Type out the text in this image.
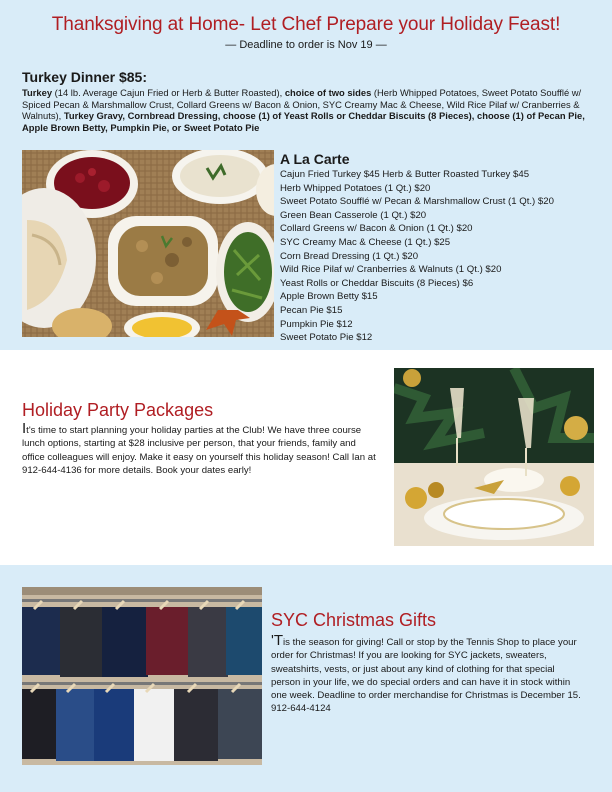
Thanksgiving at Home- Let Chef Prepare your Holiday Feast!
— Deadline to order is Nov 19 —
Turkey Dinner $85:
Turkey (14 lb. Average Cajun Fried or Herb & Butter Roasted), choice of two sides (Herb Whipped Potatoes, Sweet Potato Soufflé w/ Spiced Pecan & Marshmallow Crust, Collard Greens w/ Bacon & Onion, SYC Creamy Mac & Cheese, Wild Rice Pilaf w/ Cranberries & Walnuts), Turkey Gravy, Cornbread Dressing, choose (1) of Yeast Rolls or Cheddar Biscuits (8 Pieces), choose (1) of Pecan Pie, Apple Brown Betty, Pumpkin Pie, or Sweet Potato Pie
A La Carte
Cajun Fried Turkey $45 Herb & Butter Roasted Turkey $45
Herb Whipped Potatoes (1 Qt.) $20
Sweet Potato Soufflé w/ Pecan & Marshmallow Crust (1 Qt.) $20
Green Bean Casserole (1 Qt.) $20
Collard Greens w/ Bacon & Onion (1 Qt.) $20
SYC Creamy Mac & Cheese (1 Qt.) $25
Corn Bread Dressing (1 Qt.) $20
Wild Rice Pilaf w/ Cranberries & Walnuts (1 Qt.) $20
Yeast Rolls or Cheddar Biscuits (8 Pieces) $6
Apple Brown Betty $15
Pecan Pie $15
Pumpkin Pie $12
Sweet Potato Pie $12
Holiday Party Packages
It's time to start planning your holiday parties at the Club! We have three course lunch options, starting at $28 inclusive per person, that your friends, family and office colleagues will enjoy. Make it easy on yourself this holiday season! Call Ian at 912-644-4136 for more details. Book your dates early!
SYC Christmas Gifts
'Tis the season for giving! Call or stop by the Tennis Shop to place your order for Christmas! If you are looking for SYC jackets, sweaters, sweatshirts, vests, or just about any kind of clothing for that special person in your life, we do special orders and can have it in stock within one week. Deadline to order merchandise for Christmas is December 15. 912-644-4124
